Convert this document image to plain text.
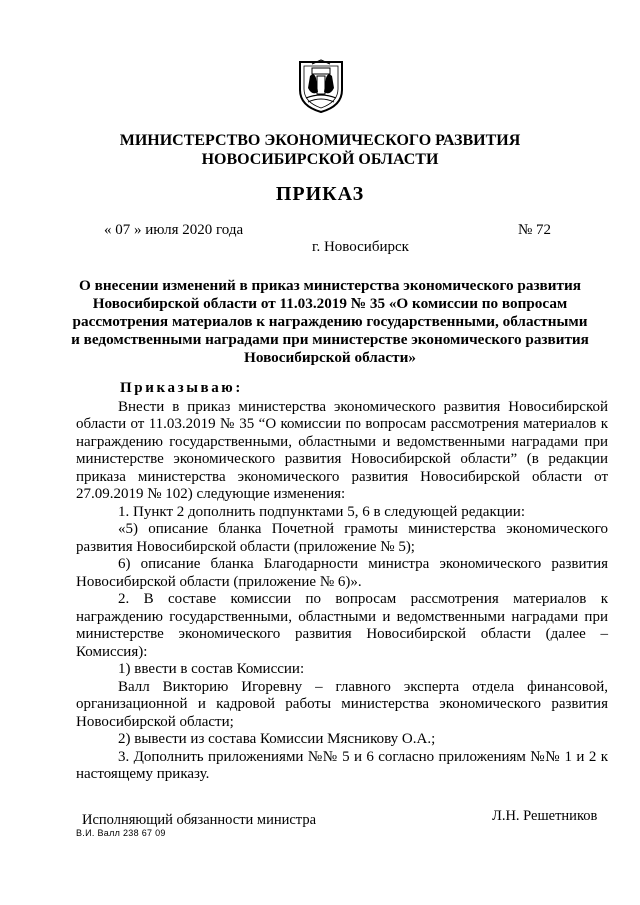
МИНИСТЕРСТВО ЭКОНОМИЧЕСКОГО РАЗВИТИЯ
НОВОСИБИРСКОЙ ОБЛАСТИ
ПРИКАЗ
« 07 » июля 2020 года	№ 72
г. Новосибирск
О внесении изменений в приказ министерства экономического развития Новосибирской области от 11.03.2019 № 35 «О комиссии по вопросам рассмотрения материалов к награждению государственными, областными и ведомственными наградами при министерстве экономического развития Новосибирской области»

Приказываю:

Внести в приказ министерства экономического развития Новосибирской области от 11.03.2019 № 35 “О комиссии по вопросам рассмотрения материалов к награждению государственными, областными и ведомственными наградами при министерстве экономического развития Новосибирской области” (в редакции приказа министерства экономического развития Новосибирской области от 27.09.2019 № 102) следующие изменения:

1. Пункт 2 дополнить подпунктами 5, 6 в следующей редакции:

«5) описание бланка Почетной грамоты министерства экономического развития Новосибирской области (приложение № 5);

6) описание бланка Благодарности министра экономического развития Новосибирской области (приложение № 6)».

2. В составе комиссии по вопросам рассмотрения материалов к награждению государственными, областными и ведомственными наградами при министерстве экономического развития Новосибирской области (далее – Комиссия):

1) ввести в состав Комиссии:

Валл Викторию Игоревну – главного эксперта отдела финансовой, организационной и кадровой работы министерства экономического развития Новосибирской области;

2) вывести из состава Комиссии Мясникову О.А.;

3. Дополнить приложениями №№ 5 и 6 согласно приложениям №№ 1 и 2 к настоящему приказу.

Исполняющий обязанности министра	Л.Н. Решетников
В.И. Валл 238 67 09
